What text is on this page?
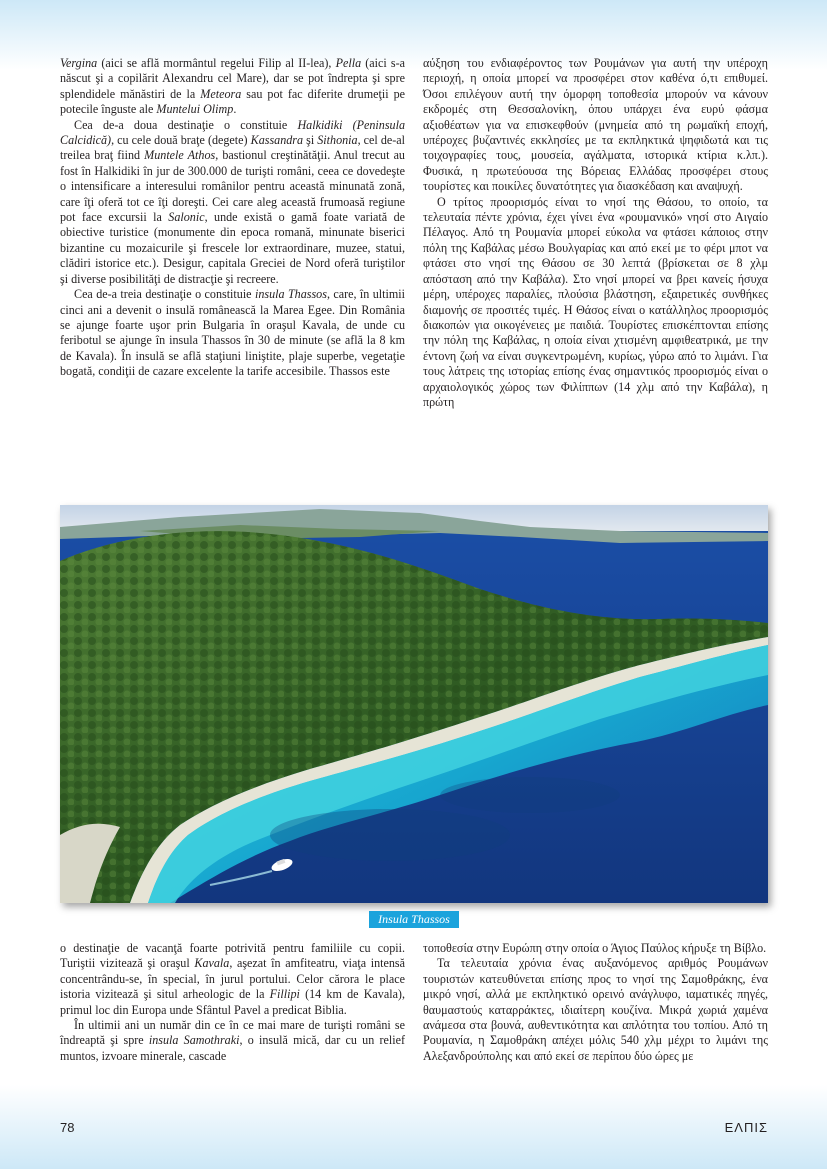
Vergina (aici se află mormântul regelui Filip al II-lea), Pella (aici s-a născut şi a copilărit Alexandru cel Mare), dar se pot îndrepta şi spre splendidele mănăstiri de la Meteora sau pot fac diferite drumeţii pe potecile înguste ale Muntelui Olimp.

Cea de-a doua destinaţie o constituie Halkidiki (Peninsula Calcidică), cu cele două braţe (degete) Kassandra şi Sithonia, cel de-al treilea braţ fiind Muntele Athos, bastionul creştinătăţii. Anul trecut au fost în Halkidiki în jur de 300.000 de turişti români, ceea ce dovedeşte o intensificare a interesului românilor pentru această minunată zonă, care îţi oferă tot ce îţi doreşti. Cei care aleg această frumoasă regiune pot face excursii la Salonic, unde există o gamă foate variată de obiective turistice (monumente din epoca romană, minunate biserici bizantine cu mozaicurile şi frescele lor extraordinare, muzee, statui, clădiri istorice etc.). Desigur, capitala Greciei de Nord oferă turiştilor şi diverse posibilităţi de distracţie şi recreere.

Cea de-a treia destinaţie o constituie insula Thassos, care, în ultimii cinci ani a devenit o insulă românească la Marea Egee. Din România se ajunge foarte uşor prin Bulgaria în oraşul Kavala, de unde cu feribotul se ajunge în insula Thassos în 30 de minute (se află la 8 km de Kavala). În insulă se află staţiuni liniştite, plaje superbe, vegetaţie bogată, condiţii de cazare excelente la tarife accesibile. Thassos este

αύξηση του ενδιαφέροντος των Ρουμάνων για αυτή την υπέροχη περιοχή, η οποία μπορεί να προσφέρει στον καθένα ό,τι επιθυμεί. Όσοι επιλέγουν αυτή την όμορφη τοποθεσία μπορούν να κάνουν εκδρομές στη Θεσσαλονίκη, όπου υπάρχει ένα ευρύ φάσμα αξιοθέατων για να επισκεφθούν (μνημεία από τη ρωμαϊκή εποχή, υπέροχες βυζαντινές εκκλησίες με τα εκπληκτικά ψηφιδωτά και τις τοιχογραφίες τους, μουσεία, αγάλματα, ιστορικά κτίρια κ.λπ.). Φυσικά, η πρωτεύουσα της Βόρειας Ελλάδας προσφέρει στους τουρίστες και ποικίλες δυνατότητες για διασκέδαση και αναψυχή.

Ο τρίτος προορισμός είναι το νησί της Θάσου, το οποίο, τα τελευταία πέντε χρόνια, έχει γίνει ένα «ρουμανικό» νησί στο Αιγαίο Πέλαγος. Από τη Ρουμανία μπορεί εύκολα να φτάσει κάποιος στην πόλη της Καβάλας μέσω Βουλγαρίας και από εκεί με το φέρι μποτ να φτάσει στο νησί της Θάσου σε 30 λεπτά (βρίσκεται σε 8 χλμ απόσταση από την Καβάλα). Στο νησί μπορεί να βρει κανείς ήσυχα μέρη, υπέροχες παραλίες, πλούσια βλάστηση, εξαιρετικές συνθήκες διαμονής σε προσιτές τιμές. Η Θάσος είναι ο κατάλληλος προορισμός διακοπών για οικογένειες με παιδιά. Τουρίστες επισκέπτονται επίσης την πόλη της Καβάλας, η οποία είναι χτισμένη αμφιθεατρικά, με την έντονη ζωή να είναι συγκεντρωμένη, κυρίως, γύρω από το λιμάνι. Για τους λάτρεις της ιστορίας επίσης ένας σημαντικός προορισμός είναι ο αρχαιολογικός χώρος των Φιλίππων (14 χλμ από την Καβάλα), η πρώτη

Insula Thassos

o destinaţie de vacanţă foarte potrivită pentru familiile cu copii. Turiştii vizitează şi oraşul Kavala, aşezat în amfiteatru, viaţa intensă concentrându-se, în special, în jurul portului. Celor cărora le place istoria vizitează şi situl arheologic de la Fillipi (14 km de Kavala), primul loc din Europa unde Sfântul Pavel a predicat Biblia.

În ultimii ani un număr din ce în ce mai mare de turişti români se îndreaptă şi spre insula Samothraki, o insulă mică, dar cu un relief muntos, izvoare minerale, cascade

τοποθεσία στην Ευρώπη στην οποία ο Άγιος Παύλος κήρυξε τη Βίβλο.

Τα τελευταία χρόνια ένας αυξανόμενος αριθμός Ρουμάνων τουριστών κατευθύνεται επίσης προς το νησί της Σαμοθράκης, ένα μικρό νησί, αλλά με εκπληκτικό ορεινό ανάγλυφο, ιαματικές πηγές, θαυμαστούς καταρράκτες, ιδιαίτερη κουζίνα. Μικρά χωριά χαμένα ανάμεσα στα βουνά, αυθεντικότητα και απλότητα του τοπίου. Από τη Ρουμανία, η Σαμοθράκη απέχει μόλις 540 χλμ μέχρι το λιμάνι της Αλεξανδρούπολης και από εκεί σε περίπου δύο ώρες με

78	ΕΛΠΙΣ
